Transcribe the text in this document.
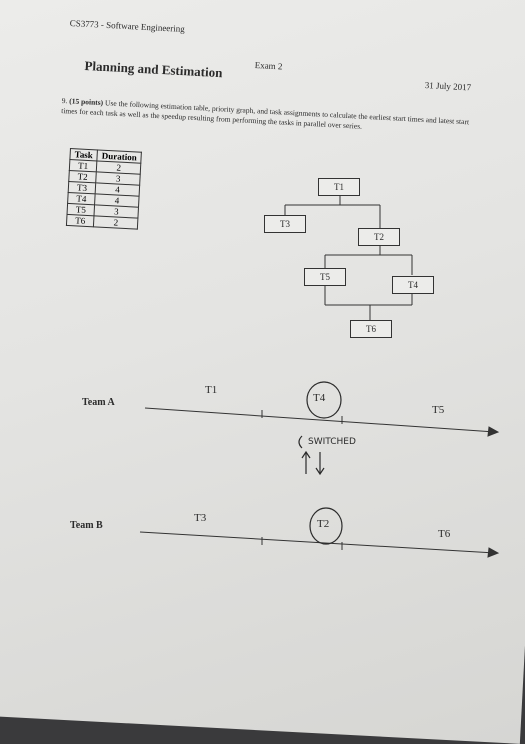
CS3773 - Software Engineering
Exam 2
31 July 2017
Planning and Estimation
9. (15 points) Use the following estimation table, priority graph, and task assignments to calculate the earliest start times and latest start times for each task as well as the speedup resulting from performing the tasks in parallel over series.
Task	Duration
T1	2
T2	3
T3	4
T4	4
T5	3
T6	2
T1
T3
T2
T5
T4
T6
Team A
T1
T4
T5
SWITCHED
Team B
T3	T2
T6
